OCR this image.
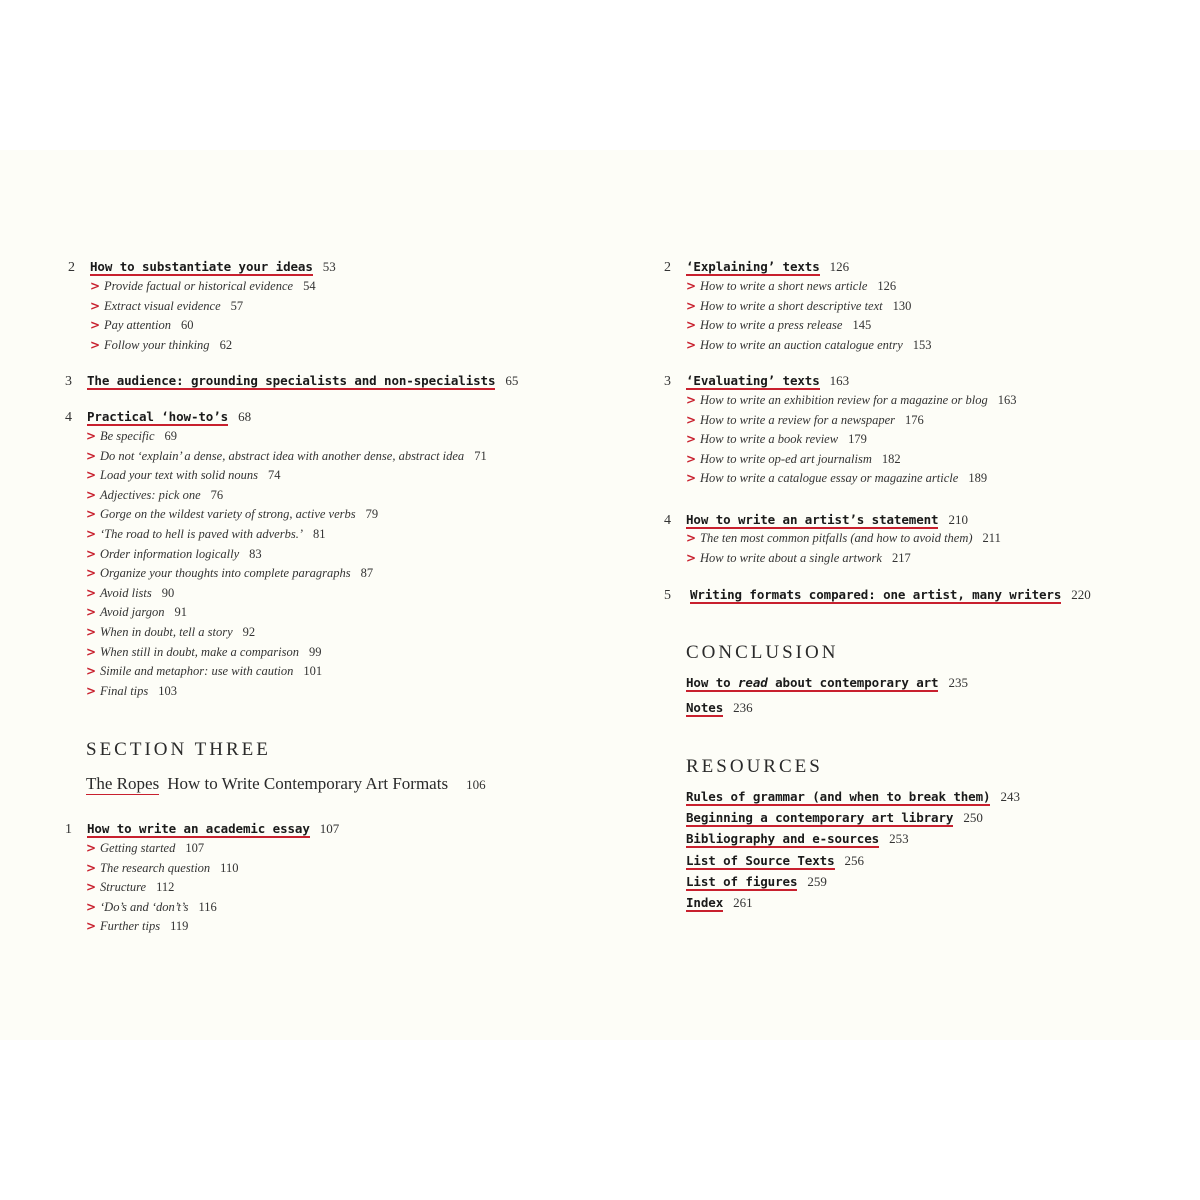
2 How to substantiate your ideas 53
> Provide factual or historical evidence 54
> Extract visual evidence 57
> Pay attention 60
> Follow your thinking 62
3 The audience: grounding specialists and non-specialists 65
4 Practical ‘how-to’s 68
> Be specific 69
> Do not ‘explain’ a dense, abstract idea with another dense, abstract idea 71
> Load your text with solid nouns 74
> Adjectives: pick one 76
> Gorge on the wildest variety of strong, active verbs 79
> ‘The road to hell is paved with adverbs.’ 81
> Order information logically 83
> Organize your thoughts into complete paragraphs 87
> Avoid lists 90
> Avoid jargon 91
> When in doubt, tell a story 92
> When still in doubt, make a comparison 99
> Simile and metaphor: use with caution 101
> Final tips 103
SECTION THREE
The Ropes How to Write Contemporary Art Formats 106
1 How to write an academic essay 107
> Getting started 107
> The research question 110
> Structure 112
> ‘Do’s and ‘don’t’s 116
> Further tips 119
2 ‘Explaining’ texts 126
> How to write a short news article 126
> How to write a short descriptive text 130
> How to write a press release 145
> How to write an auction catalogue entry 153
3 ‘Evaluating’ texts 163
> How to write an exhibition review for a magazine or blog 163
> How to write a review for a newspaper 176
> How to write a book review 179
> How to write op-ed art journalism 182
> How to write a catalogue essay or magazine article 189
4 How to write an artist’s statement 210
> The ten most common pitfalls (and how to avoid them) 211
> How to write about a single artwork 217
5 Writing formats compared: one artist, many writers 220
CONCLUSION
How to read about contemporary art 235
Notes 236
RESOURCES
Rules of grammar (and when to break them) 243
Beginning a contemporary art library 250
Bibliography and e-sources 253
List of Source Texts 256
List of figures 259
Index 261
